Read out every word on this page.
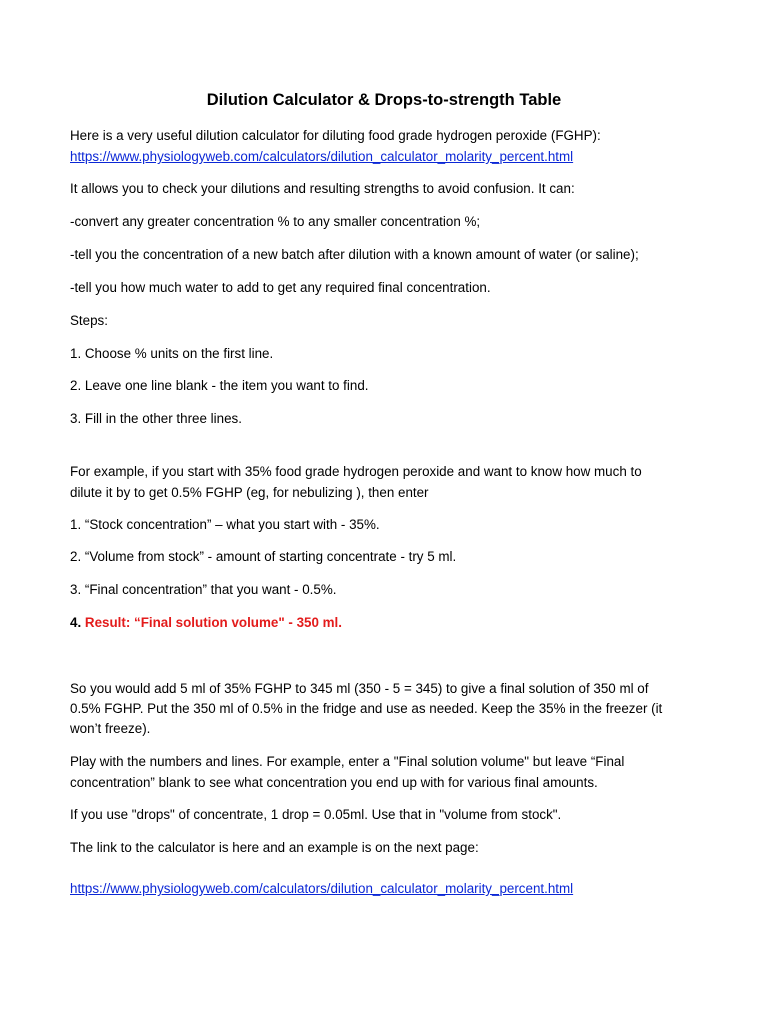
Dilution Calculator & Drops-to-strength Table
Here is a very useful dilution calculator for diluting food grade hydrogen peroxide (FGHP):
https://www.physiologyweb.com/calculators/dilution_calculator_molarity_percent.html
It allows you to check your dilutions and resulting strengths to avoid confusion. It can:
-convert any greater concentration % to any smaller concentration %;
-tell you the concentration of a new batch after dilution with a known amount of water (or saline);
-tell you how much water to add to get any required final concentration.
Steps:
1. Choose % units on the first line.
2. Leave one line blank - the item you want to find.
3. Fill in the other three lines.
For example, if you start with 35% food grade hydrogen peroxide and want to know how much to
dilute it by to get 0.5% FGHP (eg, for nebulizing ), then enter
1. “Stock concentration” – what you start with - 35%.
2. “Volume from stock” - amount of starting concentrate - try 5 ml.
3. “Final concentration” that you want - 0.5%.
4. Result: “Final solution volume" - 350 ml.
So you would add 5 ml of 35% FGHP to 345 ml (350 - 5 = 345) to give a final solution of 350 ml of
0.5% FGHP. Put the 350 ml of 0.5% in the fridge and use as needed. Keep the 35% in the freezer (it
won’t freeze).
Play with the numbers and lines. For example, enter a "Final solution volume" but leave “Final
concentration” blank to see what concentration you end up with for various final amounts.
If you use "drops" of concentrate, 1 drop = 0.05ml. Use that in "volume from stock".
The link to the calculator is here and an example is on the next page:
https://www.physiologyweb.com/calculators/dilution_calculator_molarity_percent.html
